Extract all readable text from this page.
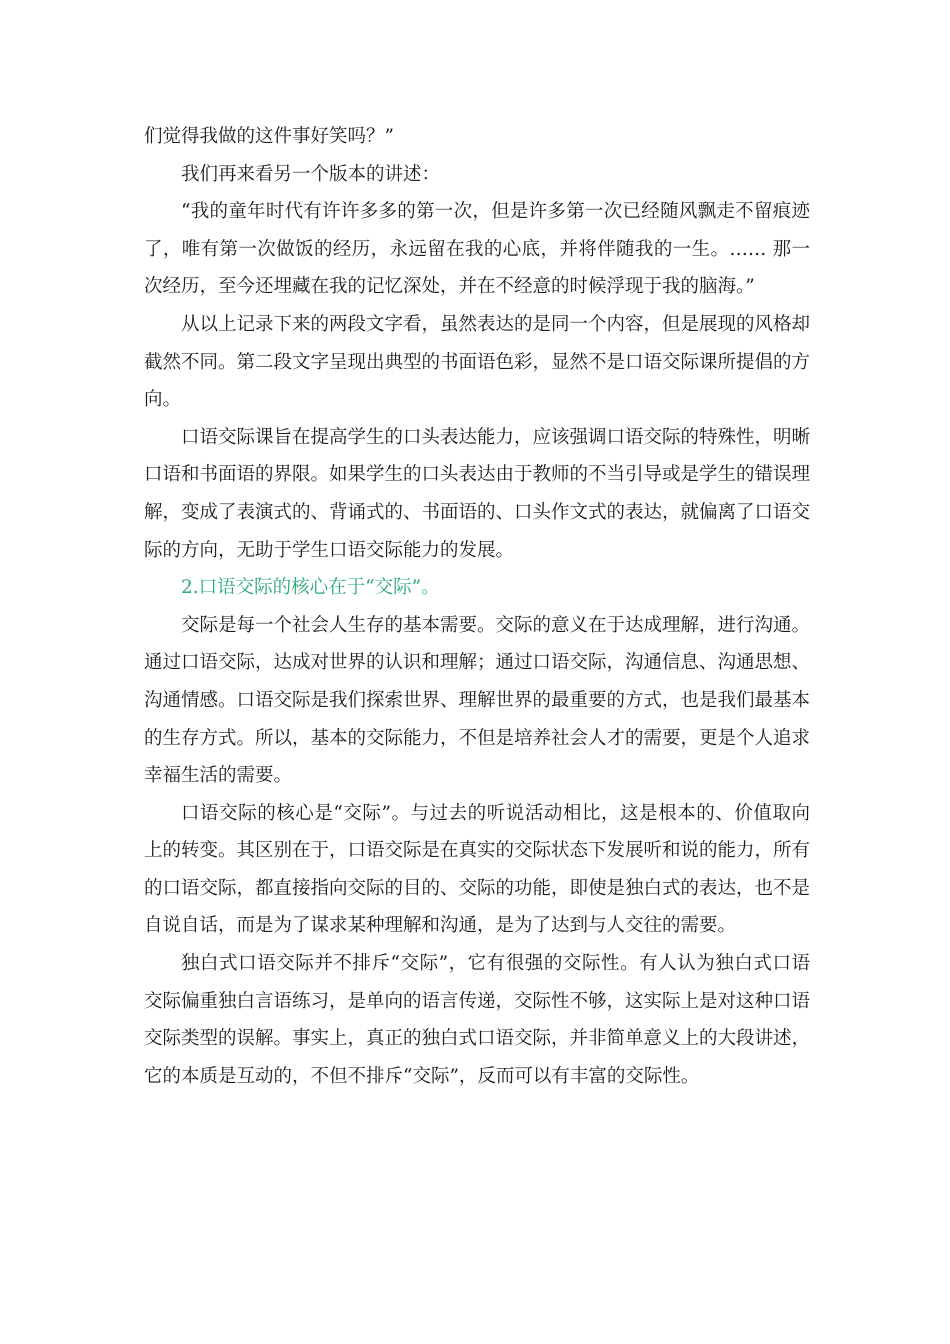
们觉得我做的这件事好笑吗？”

我们再来看另一个版本的讲述：

“我的童年时代有许许多多的第一次，但是许多第一次已经随风飘走不留痕迹了，唯有第一次做饭的经历，永远留在我的心底，并将伴随我的一生。…… 那一次经历，至今还埋藏在我的记忆深处，并在不经意的时候浮现于我的脑海。”

从以上记录下来的两段文字看，虽然表达的是同一个内容，但是展现的风格却截然不同。第二段文字呈现出典型的书面语色彩，显然不是口语交际课所提倡的方向。

口语交际课旨在提高学生的口头表达能力，应该强调口语交际的特殊性，明晰口语和书面语的界限。如果学生的口头表达由于教师的不当引导或是学生的错误理解，变成了表演式的、背诵式的、书面语的、口头作文式的表达，就偏离了口语交际的方向，无助于学生口语交际能力的发展。

2.口语交际的核心在于“交际”。

交际是每一个社会人生存的基本需要。交际的意义在于达成理解，进行沟通。通过口语交际，达成对世界的认识和理解；通过口语交际，沟通信息、沟通思想、沟通情感。口语交际是我们探索世界、理解世界的最重要的方式，也是我们最基本的生存方式。所以，基本的交际能力，不但是培养社会人才的需要，更是个人追求幸福生活的需要。

口语交际的核心是“交际”。与过去的听说活动相比，这是根本的、价值取向上的转变。其区别在于，口语交际是在真实的交际状态下发展听和说的能力，所有的口语交际，都直接指向交际的目的、交际的功能，即使是独白式的表达，也不是自说自话，而是为了谋求某种理解和沟通，是为了达到与人交往的需要。

独白式口语交际并不排斥“交际”，它有很强的交际性。有人认为独白式口语交际偏重独白言语练习，是单向的语言传递，交际性不够，这实际上是对这种口语交际类型的误解。事实上，真正的独白式口语交际，并非简单意义上的大段讲述，它的本质是互动的，不但不排斥“交际”，反而可以有丰富的交际性。
